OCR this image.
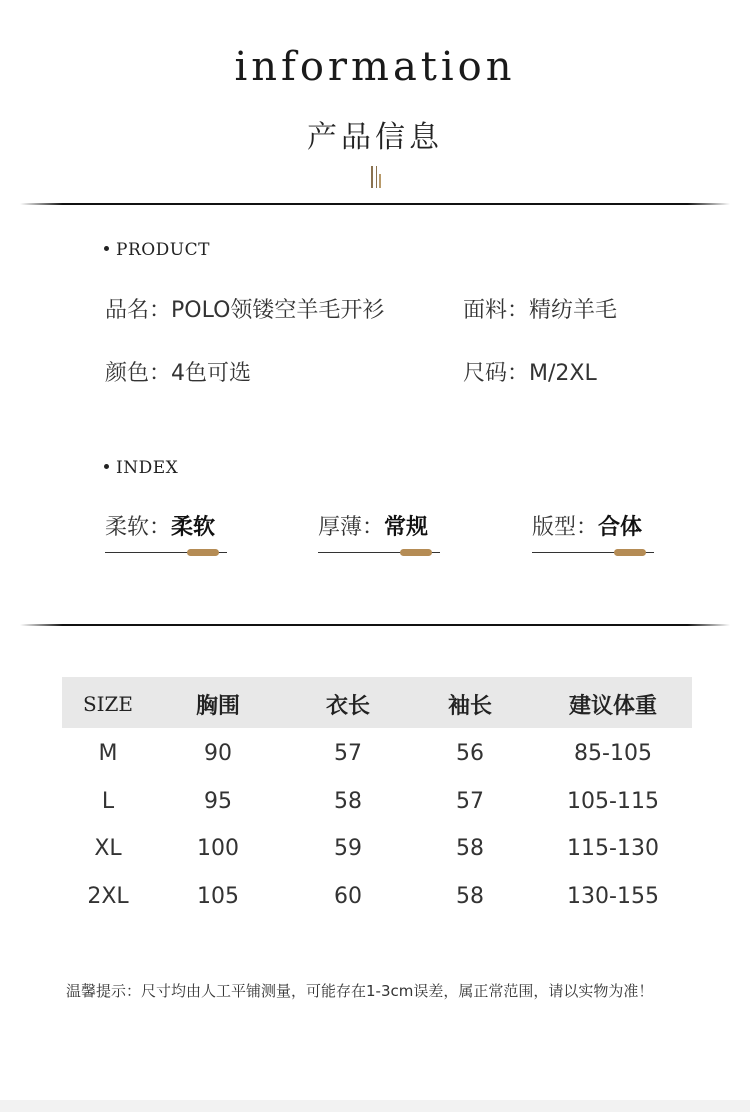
information
产品信息
PRODUCT
品名：POLO领镂空羊毛开衫	面料：精纺羊毛
颜色：4色可选	尺码：M/2XL
INDEX
柔软：柔软	厚薄：常规	版型：合体
SIZE	胸围	衣长	袖长	建议体重
M	90	57	56	85-105
L	95	58	57	105-115
XL	100	59	58	115-130
2XL	105	60	58	130-155
温馨提示：尺寸均由人工平铺测量，可能存在1-3cm误差，属正常范围，请以实物为准！
